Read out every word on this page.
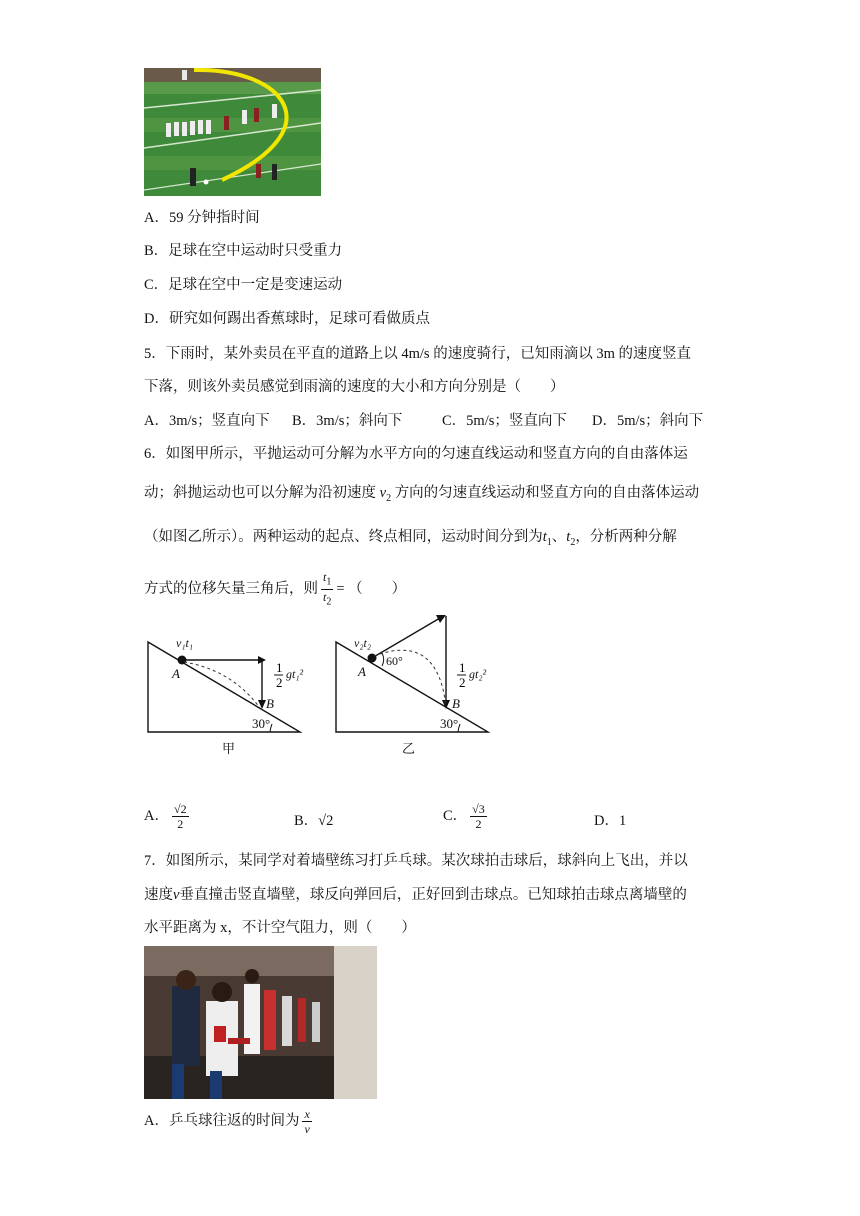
A．59 分钟指时间
B．足球在空中运动时只受重力
C．足球在空中一定是变速运动
D．研究如何踢出香蕉球时，足球可看做质点
5．下雨时，某外卖员在平直的道路上以 4m/s 的速度骑行，已知雨滴以 3m 的速度竖直
下落，则该外卖员感觉到雨滴的速度的大小和方向分别是（　　）
A．3m/s；竖直向下 B．3m/s；斜向下	C．5m/s；竖直向下 D．5m/s；斜向下
6．如图甲所示，平抛运动可分解为水平方向的匀速直线运动和竖直方向的自由落体运
动；斜抛运动也可以分解为沿初速度 $v_2$ 方向的匀速直线运动和竖直方向的自由落体运动
（如图乙所示）。两种运动的起点、终点相同，运动时间分到为$t_1$、$t_2$，分析两种分解
方式的位移矢量三角后，则 $\frac{t_1}{t_2}$ = （　　）
1
2
v₁t₁
gt₁²
A
B
30°
甲
1
2
v₂t₂
gt₂²
A
60°
B
30°
乙
A． $\frac{√2}{2}$	B．√2	C． $\frac{√3}{2}$	D．1
7．如图所示，某同学对着墙壁练习打乒乓球。某次球拍击球后，球斜向上飞出，并以
速度v垂直撞击竖直墙壁，球反向弹回后，正好回到击球点。已知球拍击球点离墙壁的
水平距离为 x，不计空气阻力，则（　　）
A．乒乓球往返的时间为 $\frac{x}{v}$
